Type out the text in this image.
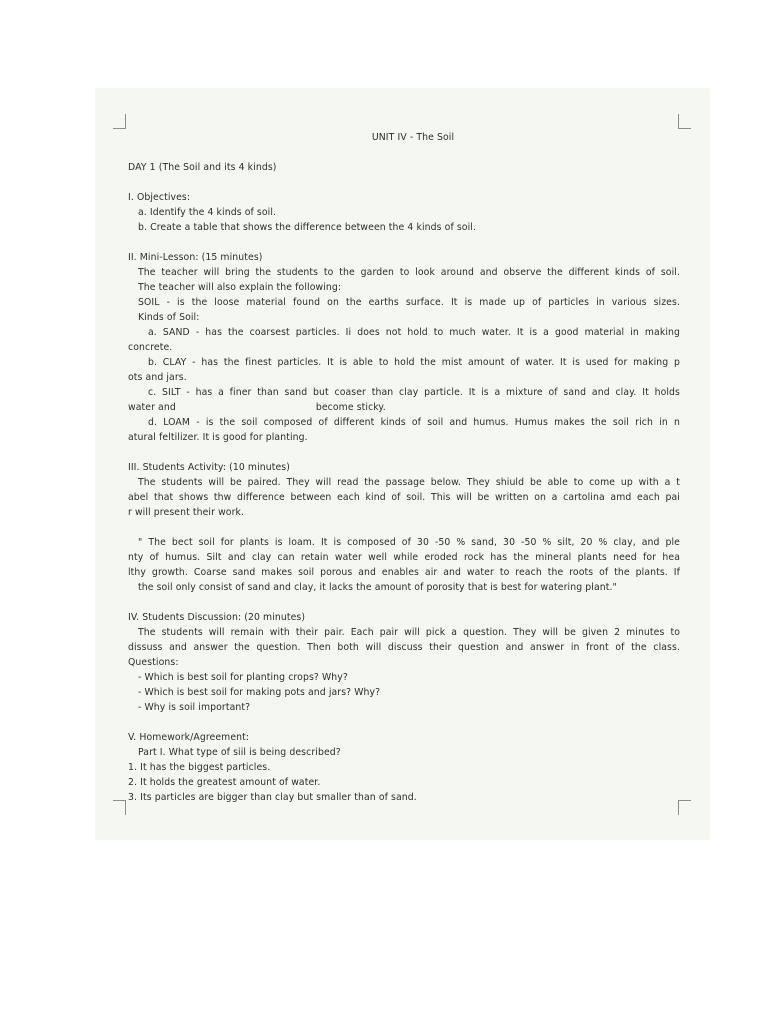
UNIT IV - The Soil

DAY 1 (The Soil and its 4 kinds)

I. Objectives:

a. Identify the 4 kinds of soil.

b. Create a table that shows the difference between the 4 kinds of soil.

II. Mini-Lesson: (15 minutes)

The teacher will bring the students to the garden to look around and observe the different kinds of soil.

The teacher will also explain the following:

SOIL - is the loose material found on the earths surface. It is made up of particles in various sizes.

Kinds of Soil:

a. SAND - has the coarsest particles. Ii does not hold to much water. It is a good material in making

concrete.

b. CLAY - has the finest particles. It is able to hold the mist amount of water. It is used for making p

ots and jars.

c. SILT - has a finer than sand but coaser than clay particle. It is a mixture of sand and clay. It holds

water and	become sticky.

d. LOAM - is the soil composed of different kinds of soil and humus. Humus makes the soil rich in n

atural feltilizer. It is good for planting.

III. Students Activity: (10 minutes)

The students will be paired. They will read the passage below. They shiuld be able to come up with a t

abel that shows thw difference between each kind of soil. This will be written on a cartolina amd each pai

r will present their work.

" The bect soil for plants is loam. It is composed of 30 -50 % sand, 30 -50 % silt, 20 % clay, and ple

nty of humus. Silt and clay can retain water well while eroded rock has the mineral plants need for hea

lthy growth. Coarse sand makes soil porous and enables air and water to reach the roots of the plants. If

the soil only consist of sand and clay, it lacks the amount of porosity that is best for watering plant."

IV. Students Discussion: (20 minutes)

The students will remain with their pair. Each pair will pick a question. They will be given 2 minutes to

dissuss and answer the question. Then both will discuss their question and answer in front of the class.

Questions:

- Which is best soil for planting crops? Why?

- Which is best soil for making pots and jars? Why?

- Why is soil important?

V. Homework/Agreement:

Part I. What type of siil is being described?

1. It has the biggest particles.

2. It holds the greatest amount of water.

3. Its particles are bigger than clay but smaller than of sand.
